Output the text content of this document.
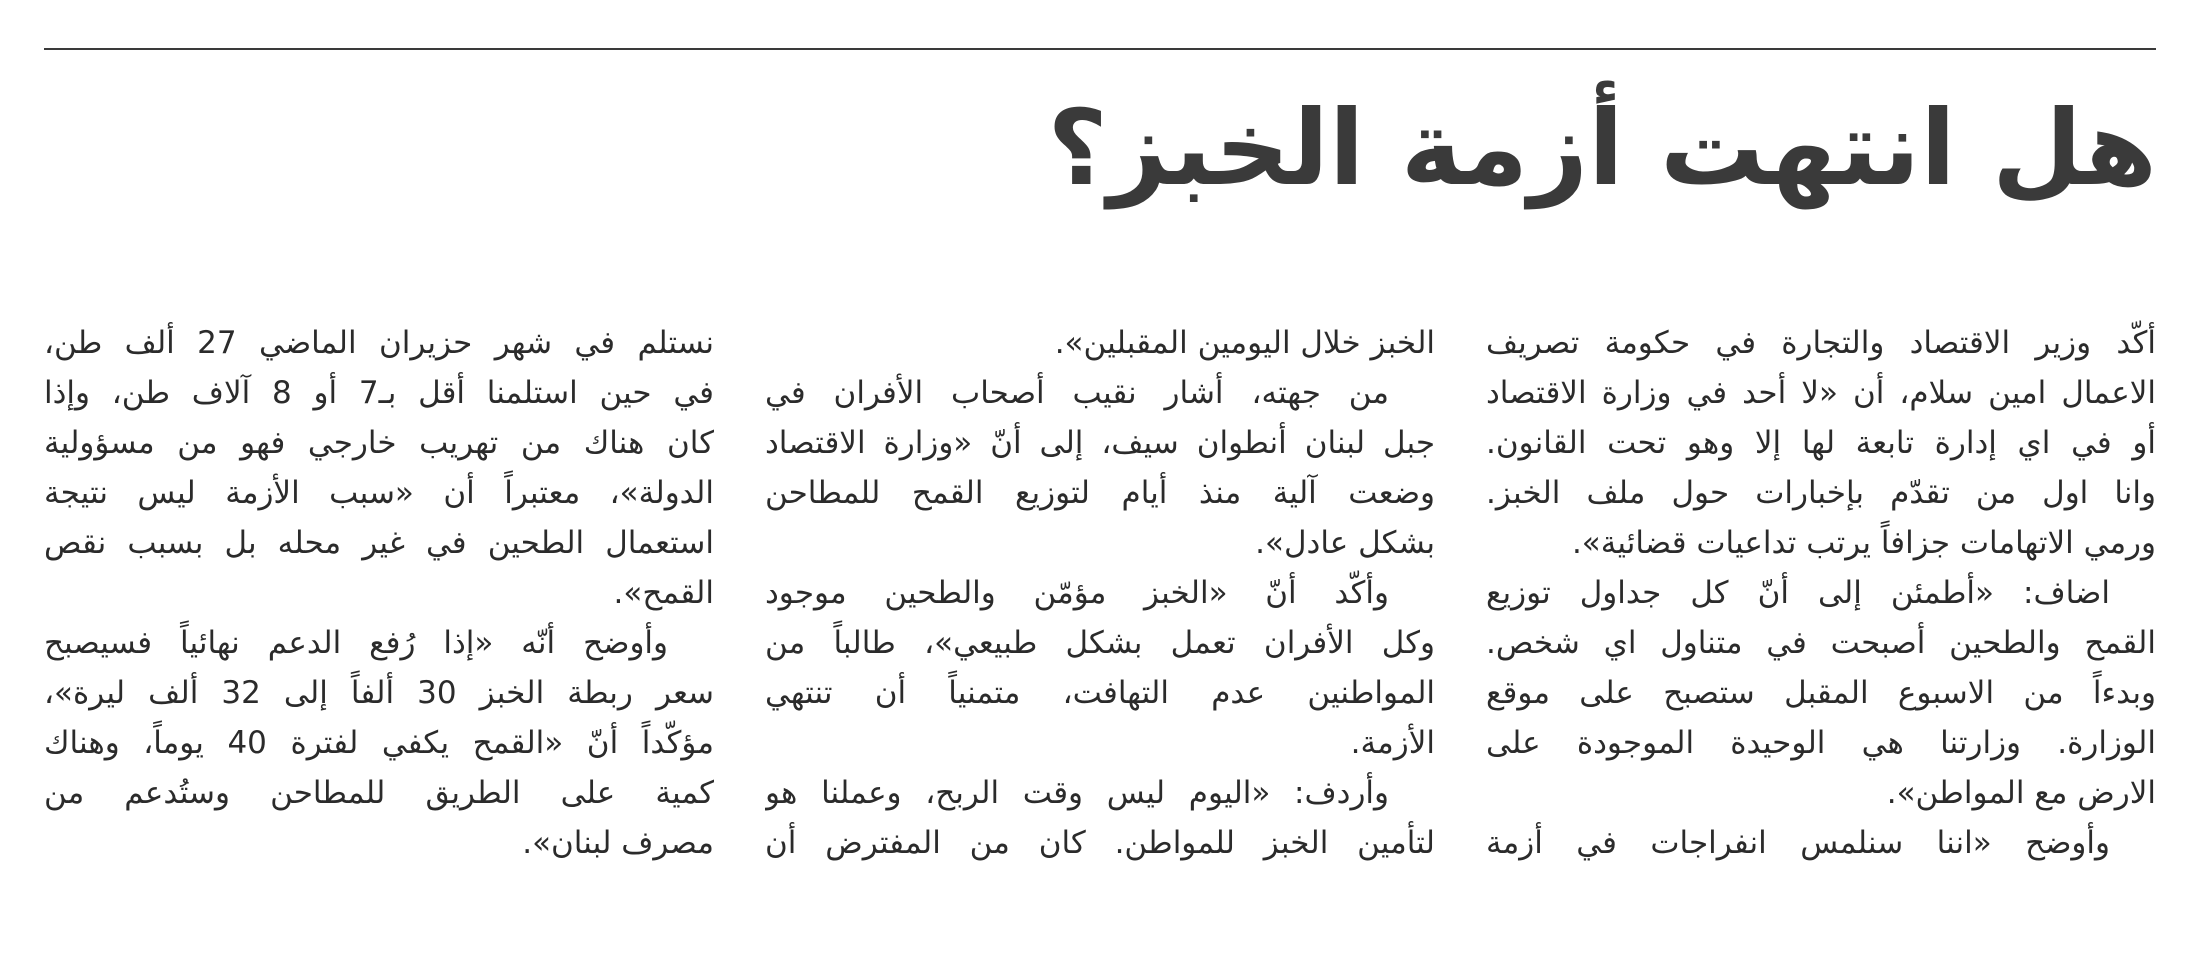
هل انتهت أزمة الخبز؟
أكّد وزير الاقتصاد والتجارة في حكومة تصريف
الاعمال امين سلام، أن «لا أحد في وزارة الاقتصاد
أو في اي إدارة تابعة لها إلا وهو تحت القانون.
وانا اول من تقدّم بإخبارات حول ملف الخبز.
ورمي الاتهامات جزافاً يرتب تداعيات قضائية».
اضاف: «أطمئن إلى أنّ كل جداول توزيع
القمح والطحين أصبحت في متناول اي شخص.
وبدءاً من الاسبوع المقبل ستصبح على موقع
الوزارة. وزارتنا هي الوحيدة الموجودة على
الارض مع المواطن».
وأوضح «اننا سنلمس انفراجات في أزمة
الخبز خلال اليومين المقبلين».
من جهته، أشار نقيب أصحاب الأفران في
جبل لبنان أنطوان سيف، إلى أنّ «وزارة الاقتصاد
وضعت آلية منذ أيام لتوزيع القمح للمطاحن
بشكل عادل».
وأكّد أنّ «الخبز مؤمّن والطحين موجود
وكل الأفران تعمل بشكل طبيعي»، طالباً من
المواطنين عدم التهافت، متمنياً أن تنتهي
الأزمة.
وأردف: «اليوم ليس وقت الربح، وعملنا هو
لتأمين الخبز للمواطن. كان من المفترض أن
نستلم في شهر حزيران الماضي 27 ألف طن،
في حين استلمنا أقل بـ7 أو 8 آلاف طن، وإذا
كان هناك من تهريب خارجي فهو من مسؤولية
الدولة»، معتبراً أن «سبب الأزمة ليس نتيجة
استعمال الطحين في غير محله بل بسبب نقص
القمح».
وأوضح أنّه «إذا رُفع الدعم نهائياً فسيصبح
سعر ربطة الخبز 30 ألفاً إلى 32 ألف ليرة»،
مؤكّداً أنّ «القمح يكفي لفترة 40 يوماً، وهناك
كمية على الطريق للمطاحن وستُدعم من
مصرف لبنان».
